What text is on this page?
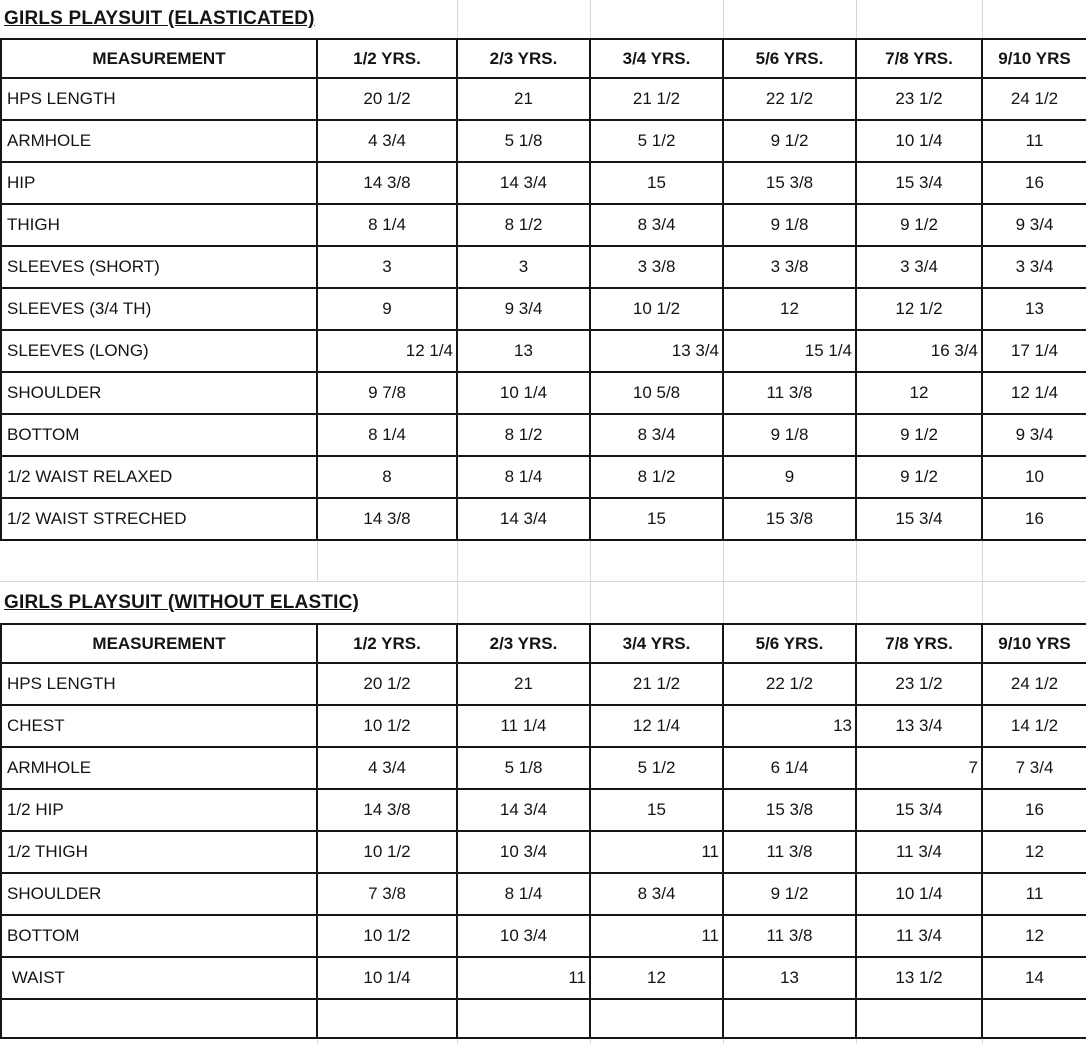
GIRLS PLAYSUIT (ELASTICATED)
MEASUREMENT	1/2 YRS.	2/3 YRS.	3/4 YRS.	5/6 YRS.	7/8 YRS.	9/10 YRS
HPS LENGTH	20 1/2	21	21 1/2	22 1/2	23 1/2	24 1/2
ARMHOLE	4 3/4	5 1/8	5 1/2	9 1/2	10 1/4	11
HIP	14 3/8	14 3/4	15	15 3/8	15 3/4	16
THIGH	8 1/4	8 1/2	8 3/4	9 1/8	9 1/2	9 3/4
SLEEVES (SHORT)	3	3	3 3/8	3 3/8	3 3/4	3 3/4
SLEEVES (3/4 TH)	9	9 3/4	10 1/2	12	12 1/2	13
SLEEVES (LONG)	12 1/4	13	13 3/4	15 1/4	16 3/4	17 1/4
SHOULDER	9 7/8	10 1/4	10 5/8	11 3/8	12	12 1/4
BOTTOM	8 1/4	8 1/2	8 3/4	9 1/8	9 1/2	9 3/4
1/2 WAIST RELAXED	8	8 1/4	8 1/2	9	9 1/2	10
1/2 WAIST STRECHED	14 3/8	14 3/4	15	15 3/8	15 3/4	16
GIRLS PLAYSUIT (WITHOUT ELASTIC)
MEASUREMENT	1/2 YRS.	2/3 YRS.	3/4 YRS.	5/6 YRS.	7/8 YRS.	9/10 YRS
HPS LENGTH	20 1/2	21	21 1/2	22 1/2	23 1/2	24 1/2
CHEST	10 1/2	11 1/4	12 1/4	13	13 3/4	14 1/2
ARMHOLE	4 3/4	5 1/8	5 1/2	6 1/4	7	7 3/4
1/2 HIP	14 3/8	14 3/4	15	15 3/8	15 3/4	16
1/2 THIGH	10 1/2	10 3/4	11	11 3/8	11 3/4	12
SHOULDER	7 3/8	8 1/4	8 3/4	9 1/2	10 1/4	11
BOTTOM	10 1/2	10 3/4	11	11 3/8	11 3/4	12
WAIST	10 1/4	11	12	13	13 1/2	14
